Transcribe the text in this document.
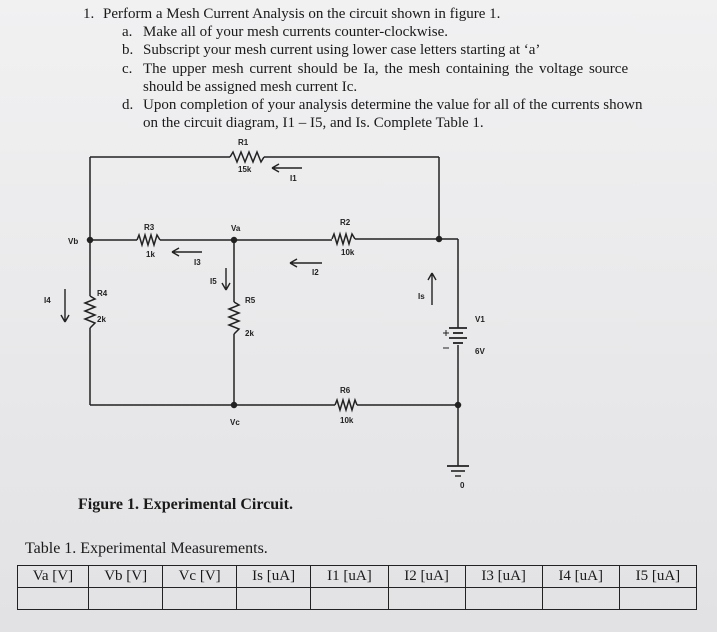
1. Perform a Mesh Current Analysis on the circuit shown in figure 1.
a. Make all of your mesh currents counter-clockwise.
b. Subscript your mesh current using lower case letters starting at ‘a’
c. The upper mesh current should be Ia, the mesh containing the voltage source
should be assigned mesh current Ic.
d. Upon completion of your analysis determine the value for all of the currents shown
on the circuit diagram, I1 – I5, and Is. Complete Table 1.
R1
15k
I1
R3
1k
I3
Va
Vb
R2
10k
I2
I5
I4
R4
2k
R5
2k
Is
V1
6V
R6
10k
Vc
0
Figure 1. Experimental Circuit.
Table 1. Experimental Measurements.
Va [V]	Vb [V]	Vc [V]	Is [uA]	I1 [uA]	I2 [uA]	I3 [uA]	I4 [uA]	I5 [uA]
